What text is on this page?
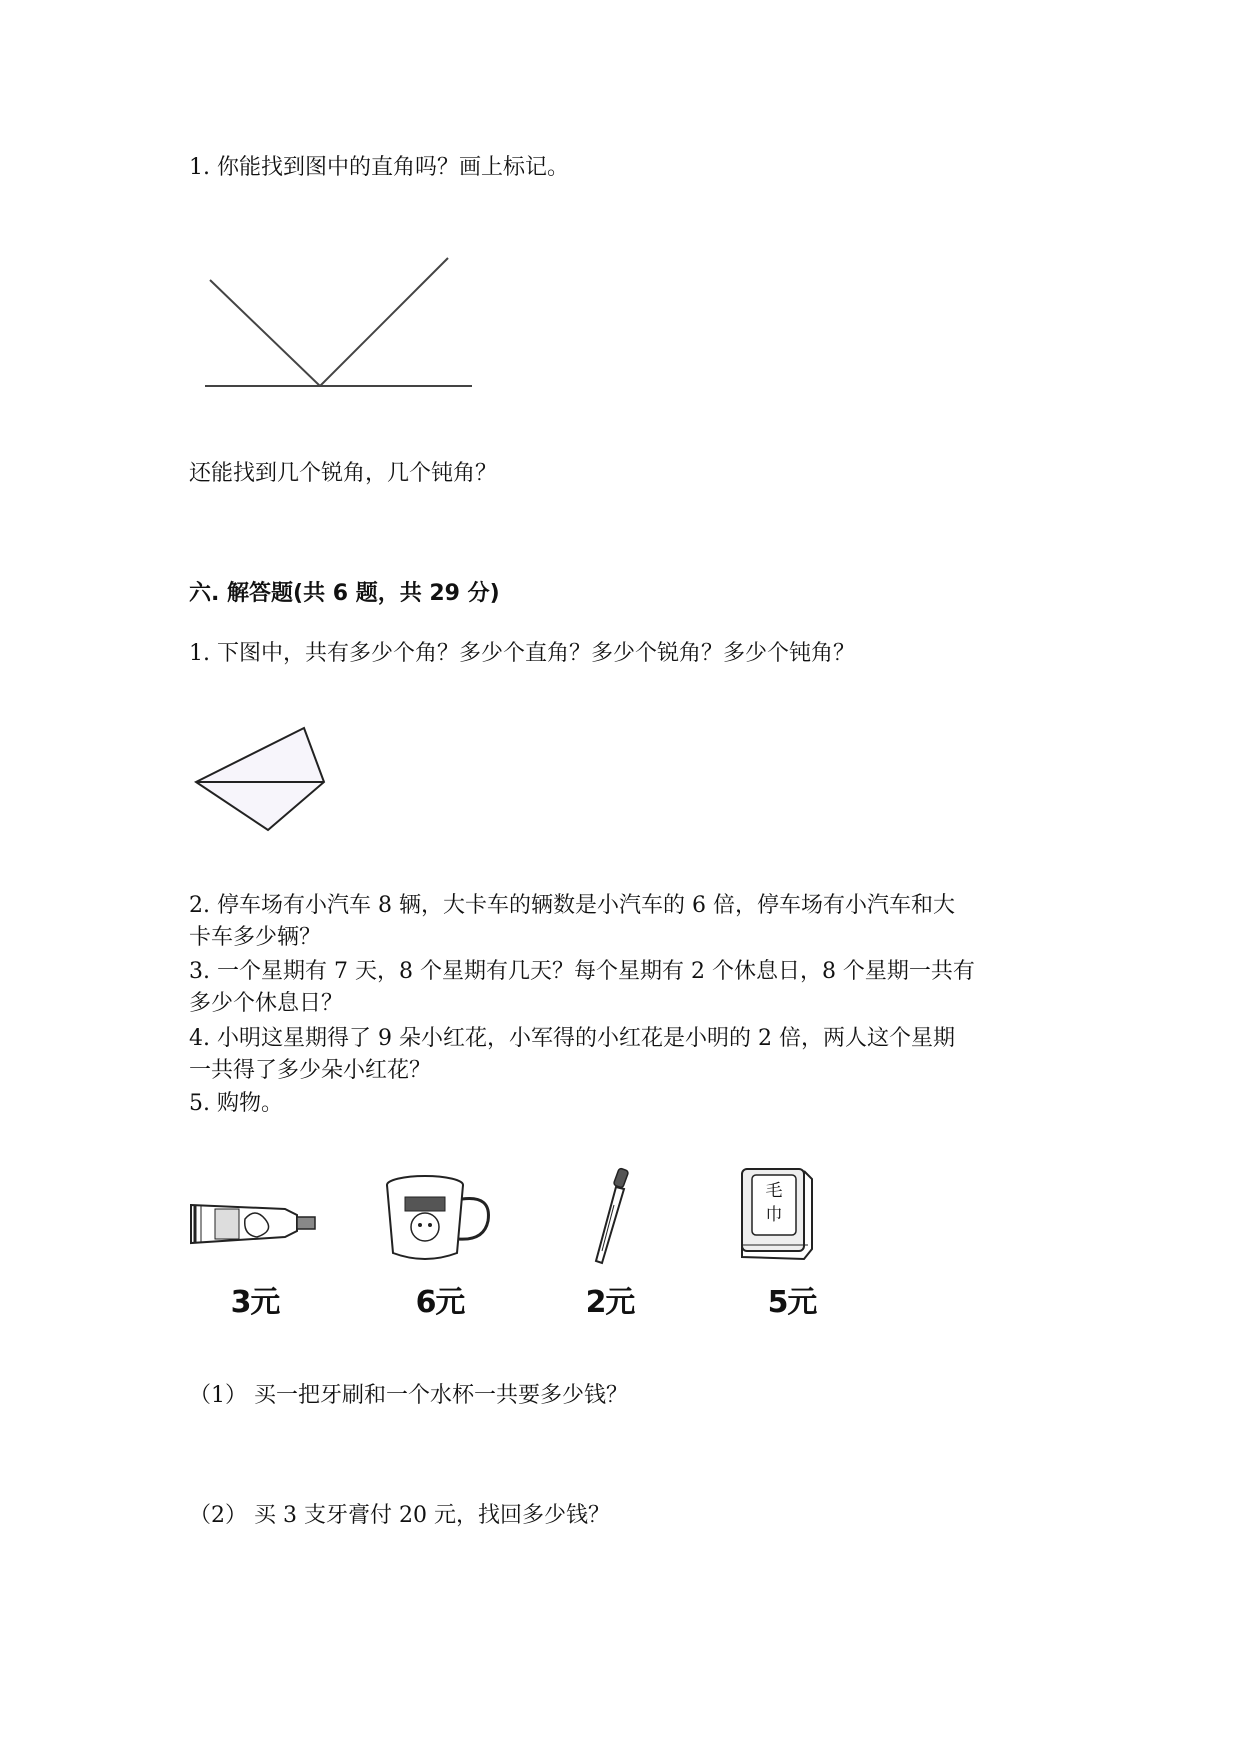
1. 你能找到图中的直角吗？画上标记。
还能找到几个锐角，几个钝角？
六. 解答题(共 6 题，共 29 分)
1. 下图中，共有多少个角？多少个直角？多少个锐角？多少个钝角？
2. 停车场有小汽车 8 辆，大卡车的辆数是小汽车的 6 倍，停车场有小汽车和大
卡车多少辆？
3. 一个星期有 7 天，8 个星期有几天？每个星期有 2 个休息日，8 个星期一共有
多少个休息日？
4. 小明这星期得了 9 朵小红花，小军得的小红花是小明的 2 倍，两人这个星期
一共得了多少朵小红花？
5. 购物。
3元	6元	2元
毛巾
5元
（1） 买一把牙刷和一个水杯一共要多少钱？
（2） 买 3 支牙膏付 20 元，找回多少钱？
